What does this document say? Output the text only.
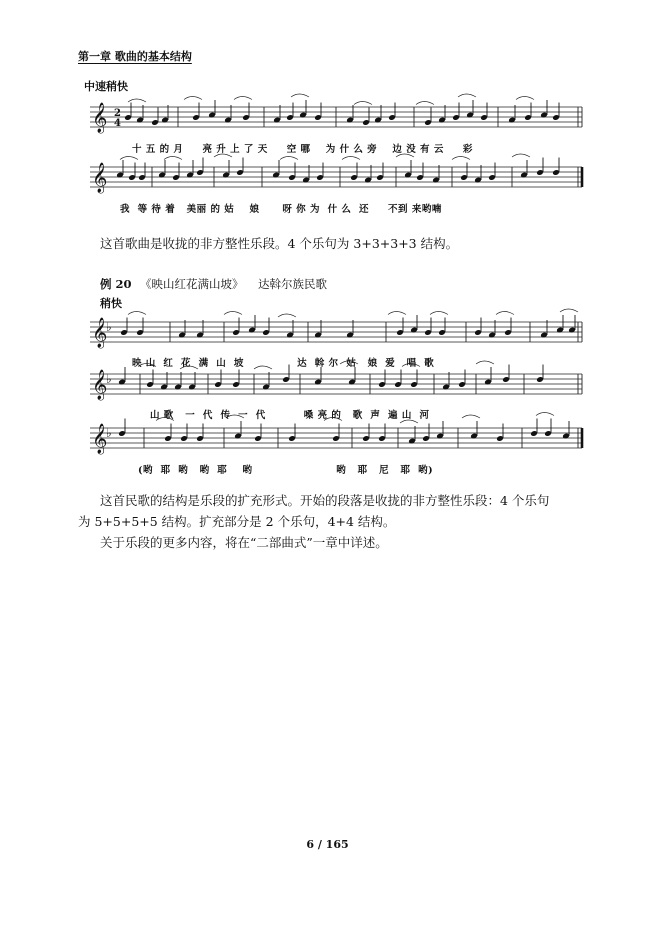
第一章 歌曲的基本结构
中速稍快
𝄞 2
4
十 五 的 月     亮 升 上 了 天     空 哪    为 什 么 旁    边 没 有 云     彩
𝄞
我  等 待 着   美丽 的 姑    娘      呀 你 为  什 么  还     不到 来哟喃
这首歌曲是收拢的非方整性乐段。4 个乐句为 3+3+3+3 结构。
例 20 《映山红花满山坡》 达斡尔族民歌
稍快
𝄞
♭
映 山  红  花  满  山  坡              达  斡 尔  姑   娘  爱   唱  歌
𝄞
♭
山 歌   一  代  传  一  代          嗓 亮 的   歌  声  遍 山  河
𝄞
♭
(哟  耶  哟   哟  耶    哟                      哟   耶   尼   耶  哟)
这首民歌的结构是乐段的扩充形式。开始的段落是收拢的非方整性乐段：4 个乐句
为 5+5+5+5 结构。扩充部分是 2 个乐句，4+4 结构。
关于乐段的更多内容，将在“二部曲式”一章中详述。
6 / 165
